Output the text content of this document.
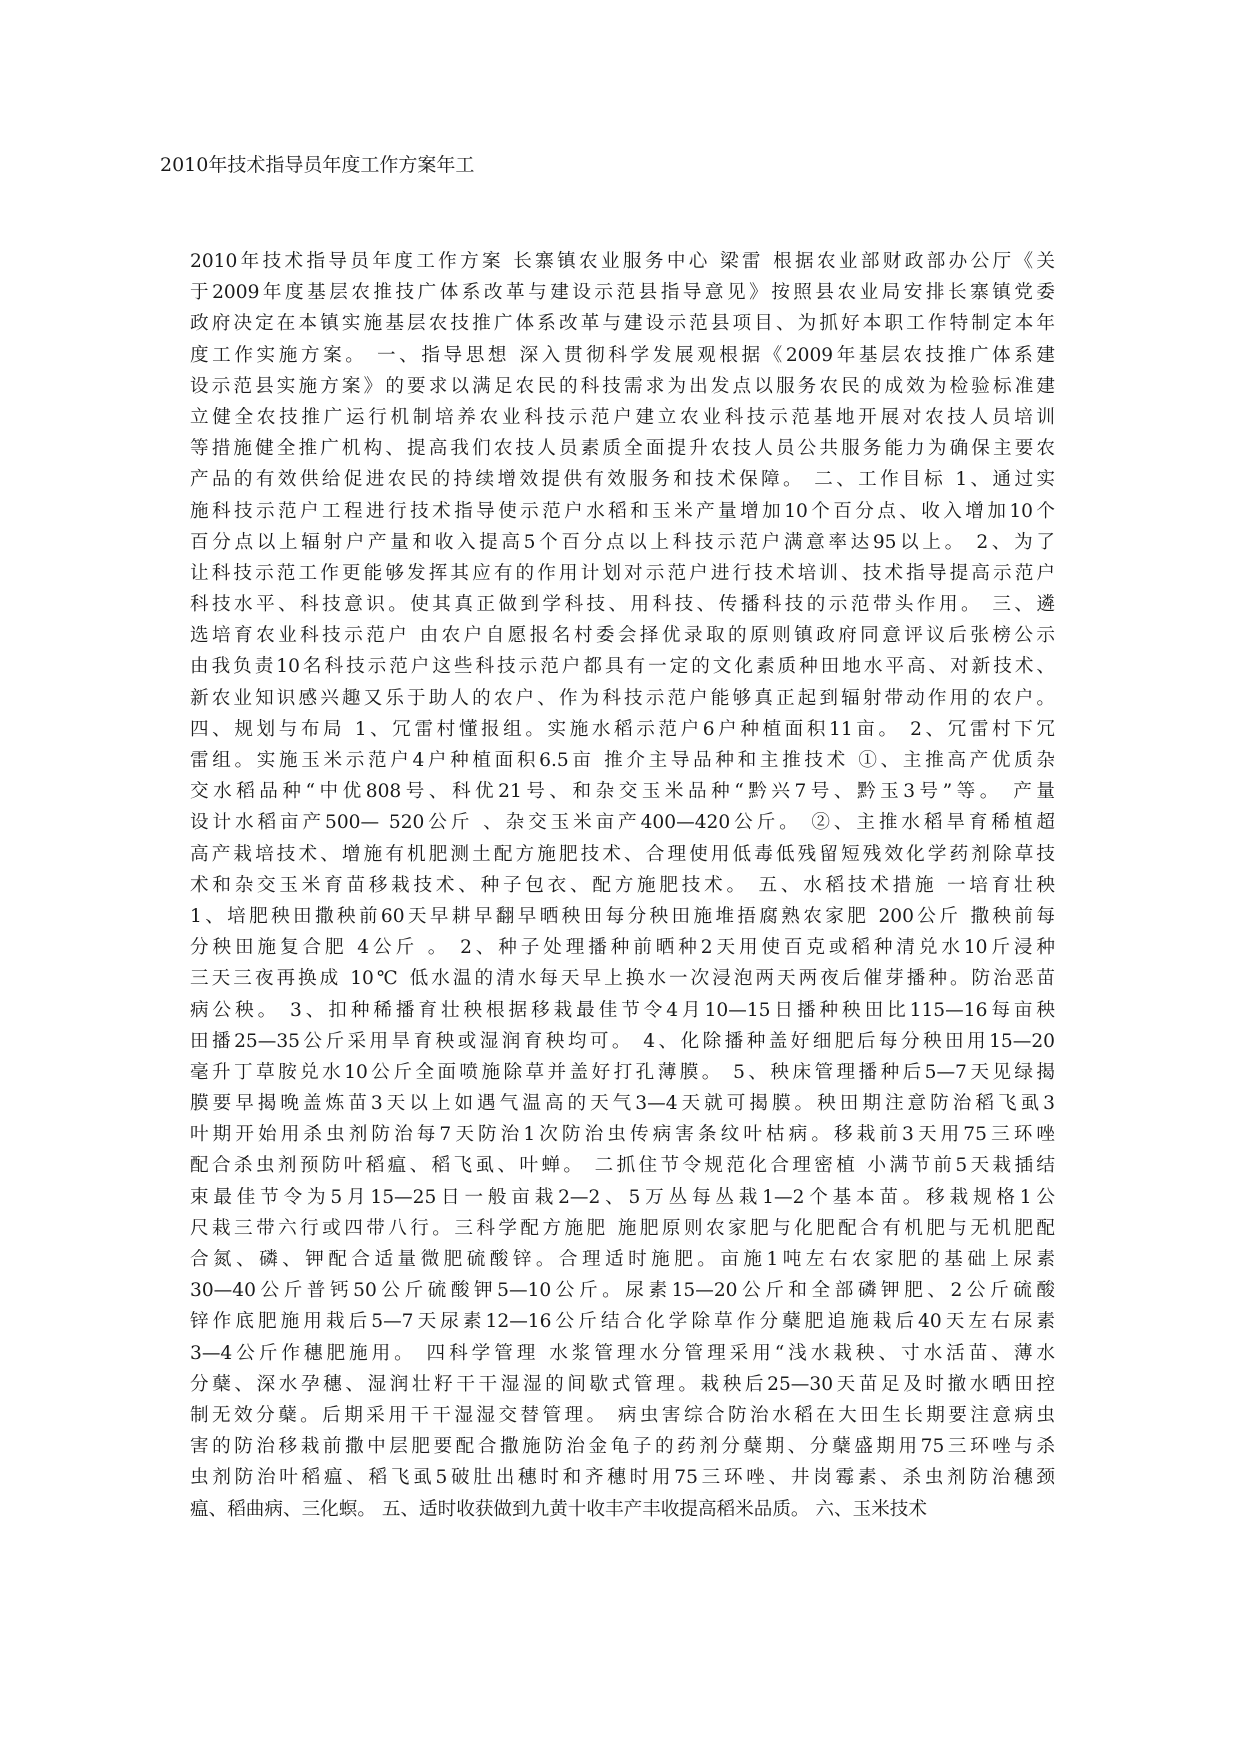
2010年技术指导员年度工作方案年工
2010年技术指导员年度工作方案 长寨镇农业服务中心 梁雷 根据农业部财政部办公厅《关
于2009年度基层农推技广体系改革与建设示范县指导意见》按照县农业局安排长寨镇党委
政府决定在本镇实施基层农技推广体系改革与建设示范县项目、为抓好本职工作特制定本年
度工作实施方案。 一、指导思想 深入贯彻科学发展观根据《2009年基层农技推广体系建
设示范县实施方案》的要求以满足农民的科技需求为出发点以服务农民的成效为检验标准建
立健全农技推广运行机制培养农业科技示范户建立农业科技示范基地开展对农技人员培训
等措施健全推广机构、提高我们农技人员素质全面提升农技人员公共服务能力为确保主要农
产品的有效供给促进农民的持续增效提供有效服务和技术保障。 二、工作目标 1、通过实
施科技示范户工程进行技术指导使示范户水稻和玉米产量增加10个百分点、收入增加10个
百分点以上辐射户产量和收入提高5个百分点以上科技示范户满意率达95以上。 2、为了
让科技示范工作更能够发挥其应有的作用计划对示范户进行技术培训、技术指导提高示范户
科技水平、科技意识。使其真正做到学科技、用科技、传播科技的示范带头作用。 三、遴
选培育农业科技示范户 由农户自愿报名村委会择优录取的原则镇政府同意评议后张榜公示
由我负责10名科技示范户这些科技示范户都具有一定的文化素质种田地水平高、对新技术、
新农业知识感兴趣又乐于助人的农户、作为科技示范户能够真正起到辐射带动作用的农户。
四、规划与布局 1、冗雷村懂报组。实施水稻示范户6户种植面积11亩。 2、冗雷村下冗
雷组。实施玉米示范户4户种植面积6.5亩 推介主导品种和主推技术 ①、主推高产优质杂
交水稻品种“中优808号、科优21号、和杂交玉米品种“黔兴7号、黔玉3号”等。 产量
设计水稻亩产500— 520公斤 、杂交玉米亩产400—420公斤。 ②、主推水稻旱育稀植超
高产栽培技术、增施有机肥测土配方施肥技术、合理使用低毒低残留短残效化学药剂除草技
术和杂交玉米育苗移栽技术、种子包衣、配方施肥技术。 五、水稻技术措施 一培育壮秧
1、培肥秧田撒秧前60天早耕早翻早晒秧田每分秧田施堆捂腐熟农家肥 200公斤 撒秧前每
分秧田施复合肥 4公斤 。 2、种子处理播种前晒种2天用使百克或稻种清兑水10斤浸种
三天三夜再换成 10℃ 低水温的清水每天早上换水一次浸泡两天两夜后催芽播种。防治恶苗
病公秧。 3、扣种稀播育壮秧根据移栽最佳节令4月10—15日播种秧田比115—16每亩秧
田播25—35公斤采用旱育秧或湿润育秧均可。 4、化除播种盖好细肥后每分秧田用15—20
毫升丁草胺兑水10公斤全面喷施除草并盖好打孔薄膜。 5、秧床管理播种后5—7天见绿揭
膜要早揭晚盖炼苗3天以上如遇气温高的天气3—4天就可揭膜。秧田期注意防治稻飞虱3
叶期开始用杀虫剂防治每7天防治1次防治虫传病害条纹叶枯病。移栽前3天用75三环唑
配合杀虫剂预防叶稻瘟、稻飞虱、叶蝉。 二抓住节令规范化合理密植 小满节前5天栽插结
束最佳节令为5月15—25日一般亩栽2—2、5万丛每丛栽1—2个基本苗。移栽规格1公
尺栽三带六行或四带八行。三科学配方施肥 施肥原则农家肥与化肥配合有机肥与无机肥配
合氮、磷、钾配合适量微肥硫酸锌。合理适时施肥。亩施1吨左右农家肥的基础上尿素
30—40公斤普钙50公斤硫酸钾5—10公斤。尿素15—20公斤和全部磷钾肥、2公斤硫酸
锌作底肥施用栽后5—7天尿素12—16公斤结合化学除草作分蘖肥追施栽后40天左右尿素
3—4公斤作穗肥施用。 四科学管理 水浆管理水分管理采用“浅水栽秧、寸水活苗、薄水
分蘖、深水孕穗、湿润壮籽干干湿湿的间歇式管理。栽秧后25—30天苗足及时撤水晒田控
制无效分蘖。后期采用干干湿湿交替管理。 病虫害综合防治水稻在大田生长期要注意病虫
害的防治移栽前撒中层肥要配合撒施防治金龟子的药剂分蘖期、分蘖盛期用75三环唑与杀
虫剂防治叶稻瘟、稻飞虱5破肚出穗时和齐穗时用75三环唑、井岗霉素、杀虫剂防治穗颈
瘟、稻曲病、三化螟。 五、适时收获做到九黄十收丰产丰收提高稻米品质。 六、玉米技术
